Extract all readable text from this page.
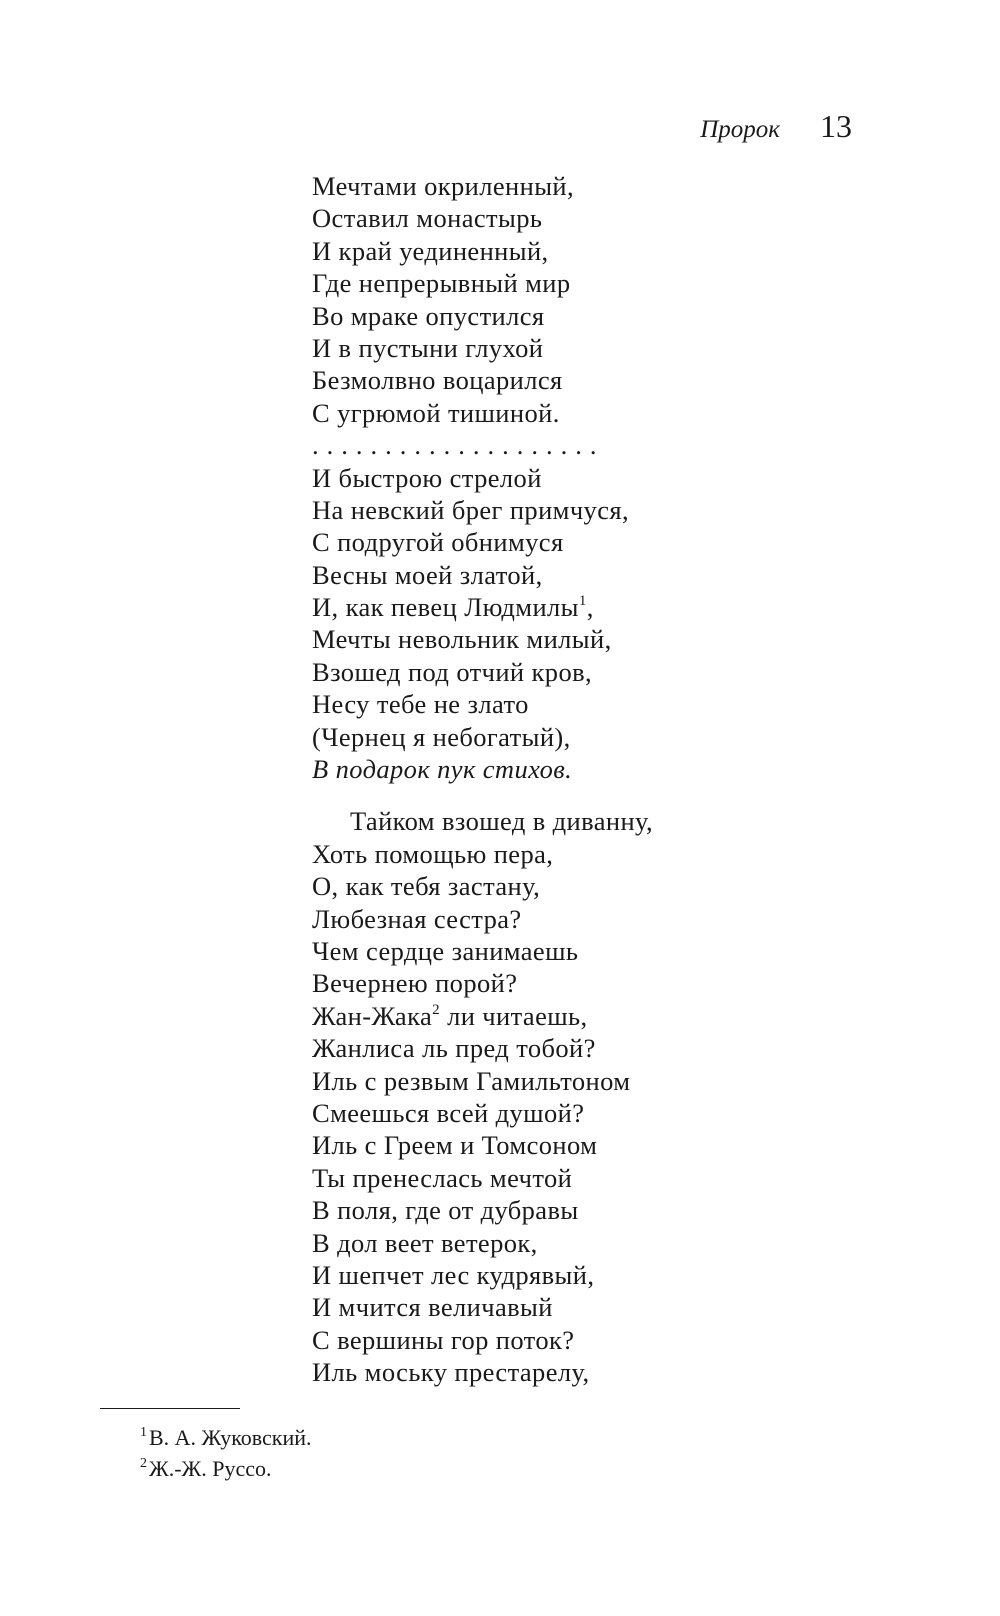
Пророк 13
Мечтами окриленный,
Оставил монастырь
И край уединенный,
Где непрерывный мир
Во мраке опустился
И в пустыни глухой
Безмолвно воцарился
С угрюмой тишиной.
....................
И быстрою стрелой
На невский брег примчуся,
С подругой обнимуся
Весны моей златой,
И, как певец Людмилы$^1$,
Мечты невольник милый,
Взошед под отчий кров,
Несу тебе не злато
(Чернец я небогатый),
В подарок пук стихов.
Тайком взошед в диванну,
Хоть помощью пера,
О, как тебя застану,
Любезная сестра?
Чем сердце занимаешь
Вечернею порой?
Жан-Жака$^2$ ли читаешь,
Жанлиса ль пред тобой?
Иль с резвым Гамильтоном
Смеешься всей душой?
Иль с Греем и Томсоном
Ты пренеслась мечтой
В поля, где от дубравы
В дол веет ветерок,
И шепчет лес кудрявый,
И мчится величавый
С вершины гор поток?
Иль моську престарелу,
$^1$В. А. Жуковский.
$^2$Ж.-Ж. Руссо.
